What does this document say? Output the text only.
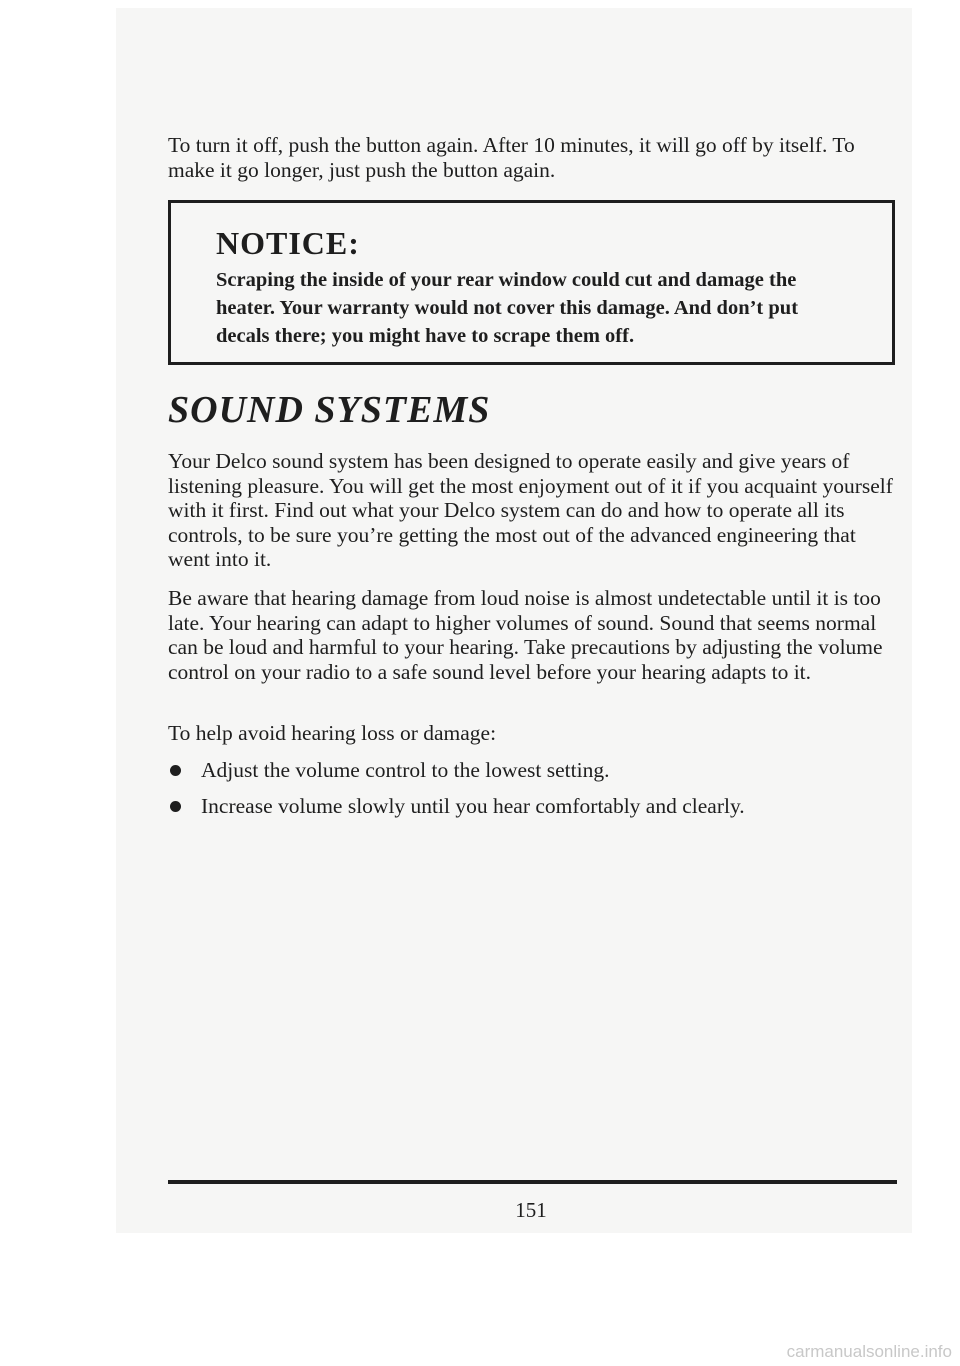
To turn it off, push the button again. After 10 minutes, it will go off by itself. To make it go longer, just push the button again.

NOTICE:

Scraping the inside of your rear window could cut and damage the heater. Your warranty would not cover this damage. And don’t put decals there; you might have to scrape them off.

SOUND SYSTEMS

Your Delco sound system has been designed to operate easily and give years of listening pleasure. You will get the most enjoyment out of it if you acquaint yourself with it first. Find out what your Delco system can do and how to operate all its controls, to be sure you’re getting the most out of the advanced engineering that went into it.

Be aware that hearing damage from loud noise is almost undetectable until it is too late. Your hearing can adapt to higher volumes of sound. Sound that seems normal can be loud and harmful to your hearing. Take precautions by adjusting the volume control on your radio to a safe sound level before your hearing adapts to it.

To help avoid hearing loss or damage:

Adjust the volume control to the lowest setting.
Increase volume slowly until you hear comfortably and clearly.

151

carmanualsonline.info
